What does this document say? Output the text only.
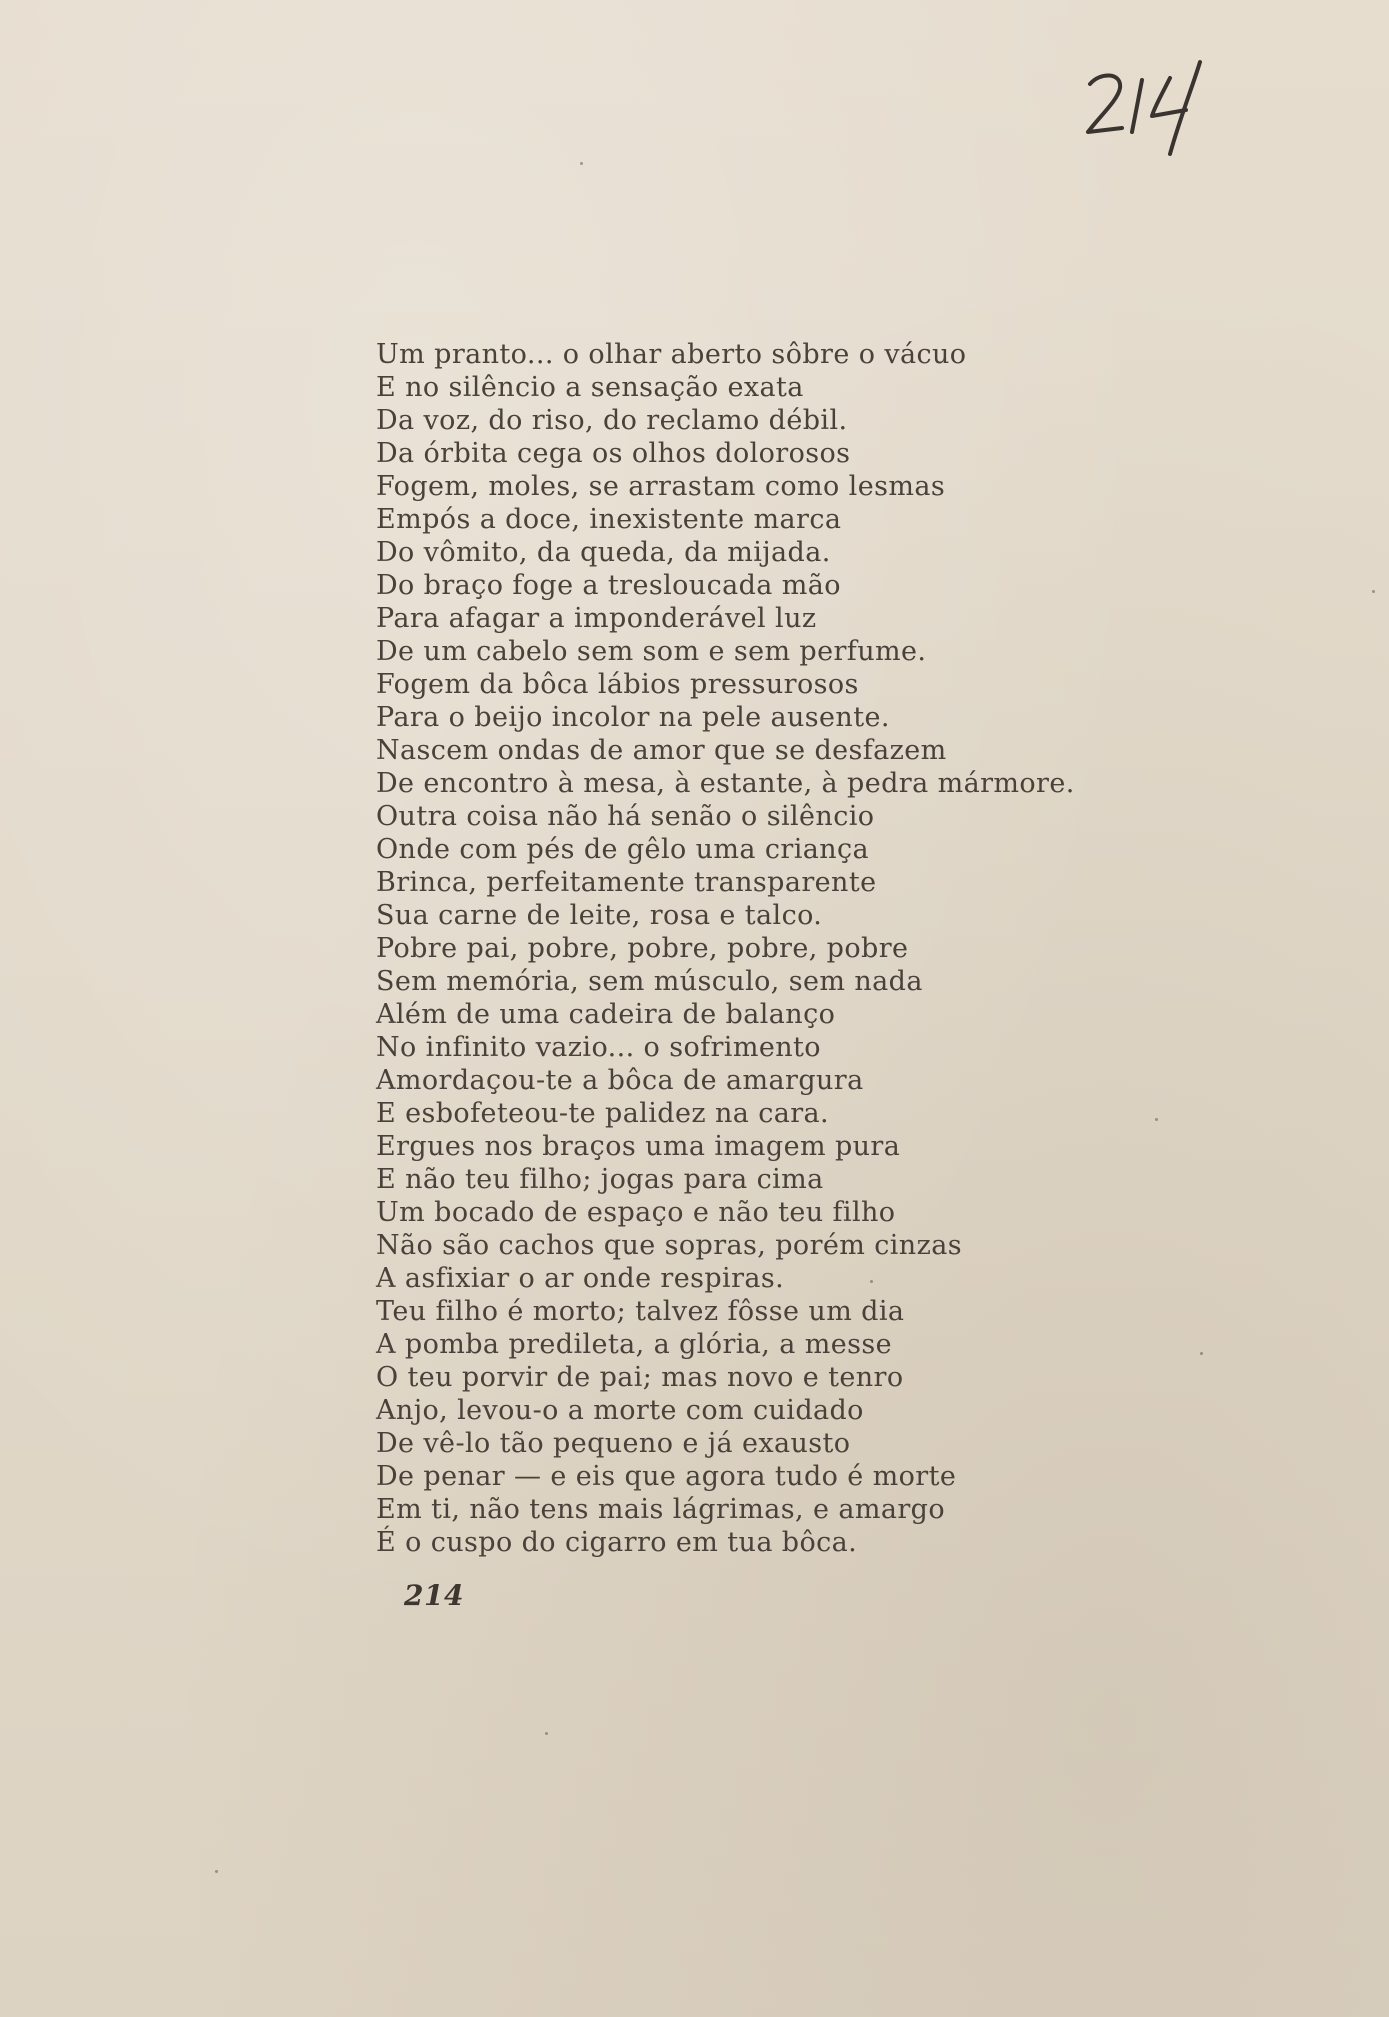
Um pranto... o olhar aberto sôbre o vácuo
E no silêncio a sensação exata
Da voz, do riso, do reclamo débil.
Da órbita cega os olhos dolorosos
Fogem, moles, se arrastam como lesmas
Empós a doce, inexistente marca
Do vômito, da queda, da mijada.
Do braço foge a tresloucada mão
Para afagar a imponderável luz
De um cabelo sem som e sem perfume.
Fogem da bôca lábios pressurosos
Para o beijo incolor na pele ausente.
Nascem ondas de amor que se desfazem
De encontro à mesa, à estante, à pedra mármore.
Outra coisa não há senão o silêncio
Onde com pés de gêlo uma criança
Brinca, perfeitamente transparente
Sua carne de leite, rosa e talco.
Pobre pai, pobre, pobre, pobre, pobre
Sem memória, sem músculo, sem nada
Além de uma cadeira de balanço
No infinito vazio... o sofrimento
Amordaçou-te a bôca de amargura
E esbofeteou-te palidez na cara.
Ergues nos braços uma imagem pura
E não teu filho; jogas para cima
Um bocado de espaço e não teu filho
Não são cachos que sopras, porém cinzas
A asfixiar o ar onde respiras.
Teu filho é morto; talvez fôsse um dia
A pomba predileta, a glória, a messe
O teu porvir de pai; mas novo e tenro
Anjo, levou-o a morte com cuidado
De vê-lo tão pequeno e já exausto
De penar — e eis que agora tudo é morte
Em ti, não tens mais lágrimas, e amargo
É o cuspo do cigarro em tua bôca.
214
